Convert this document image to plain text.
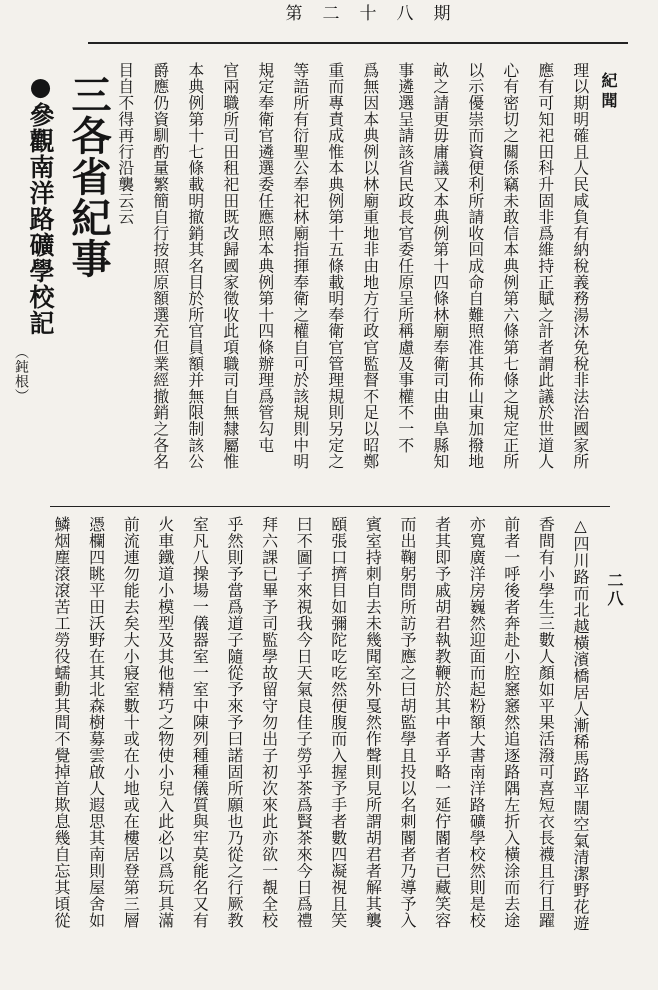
第二十八期
理以期明確且人民咸負有納稅義務湯沐免稅非法治國家所
應有可知祀田科升固非爲維持正賦之計者謂此議於世道人
心有密切之關係竊未敢信本典例第六條第七條之規定正所
以示優崇而資便利所請收回成命自難照准其佈山東加撥地
畝之請更毋庸議又本典例第十四條林廟奉衛司由曲阜縣知
事遴選呈請該省民政長官委任原呈所稱慮及事權不一不
爲無因本典例以林廟重地非由地方行政官監督不足以昭鄭
重而專責成惟本典例第十五條載明奉衛官管理規則另定之
等語所有衍聖公奉祀林廟指揮奉衛之權自可於該規則中明
規定奉衛官遴選委任應照本典例第十四條辦理爲管勾屯
官兩職所司田租祀田既改歸國家徵收此項職司自無隸屬惟
本典例第十七條載明撤銷其名目於所官員額并無限制該公
爵應仍資馴酌量繁簡自行按照原額選充但業經撤銷之各名
目自不得再行沿襲云云	紀聞
三各省紀事
●參觀南洋路礦學校記
（鈍根）
二八
△四川路而北越橫濱橋居人漸稀馬路平闊空氣清潔野花遊
香間有小學生三數人顏如平果活潑可喜短衣長襪且行且躍
前者一呼後者奔赴小腔窸窸然追逐路隅左折入橫涂而去途
亦寬廣洋房巍然迎面而起粉額大書南洋路礦學校然則是校
者其即予戚胡君執教鞭於其中者乎略一延佇閽者已藏笑容
而出鞠躬問所訪予應之曰胡監學且投以名刺閽者乃導予入
賓室持刺自去未幾聞室外戛然作聲則見所謂胡君者解其襲
頤張口擠目如彌陀吃吃然便腹而入握予手者數四凝視且笑
曰不圖子來視我今日天氣良佳子勞乎茶爲賢茶來今日爲禮
拜六課已畢予司監學故留守勿出子初次來此亦欲一覩全校
乎然則予當爲道子隨從予來予曰諾固所願也乃從之行厥教
室凡八操場一儀器室一室中陳列種種儀質與牢莫能名又有
火車鐵道小模型及其他精巧之物使小兒入此必以爲玩具滿
前流連勿能去矣大小寢室數十或在小地或在樓居登第三層
憑欄四眺平田沃野在其北森樹募雲啟人遐思其南則屋舍如
鱗烟塵滾滾苦工勞役蠕動其間不覺掉首欺息幾自忘其頃從
